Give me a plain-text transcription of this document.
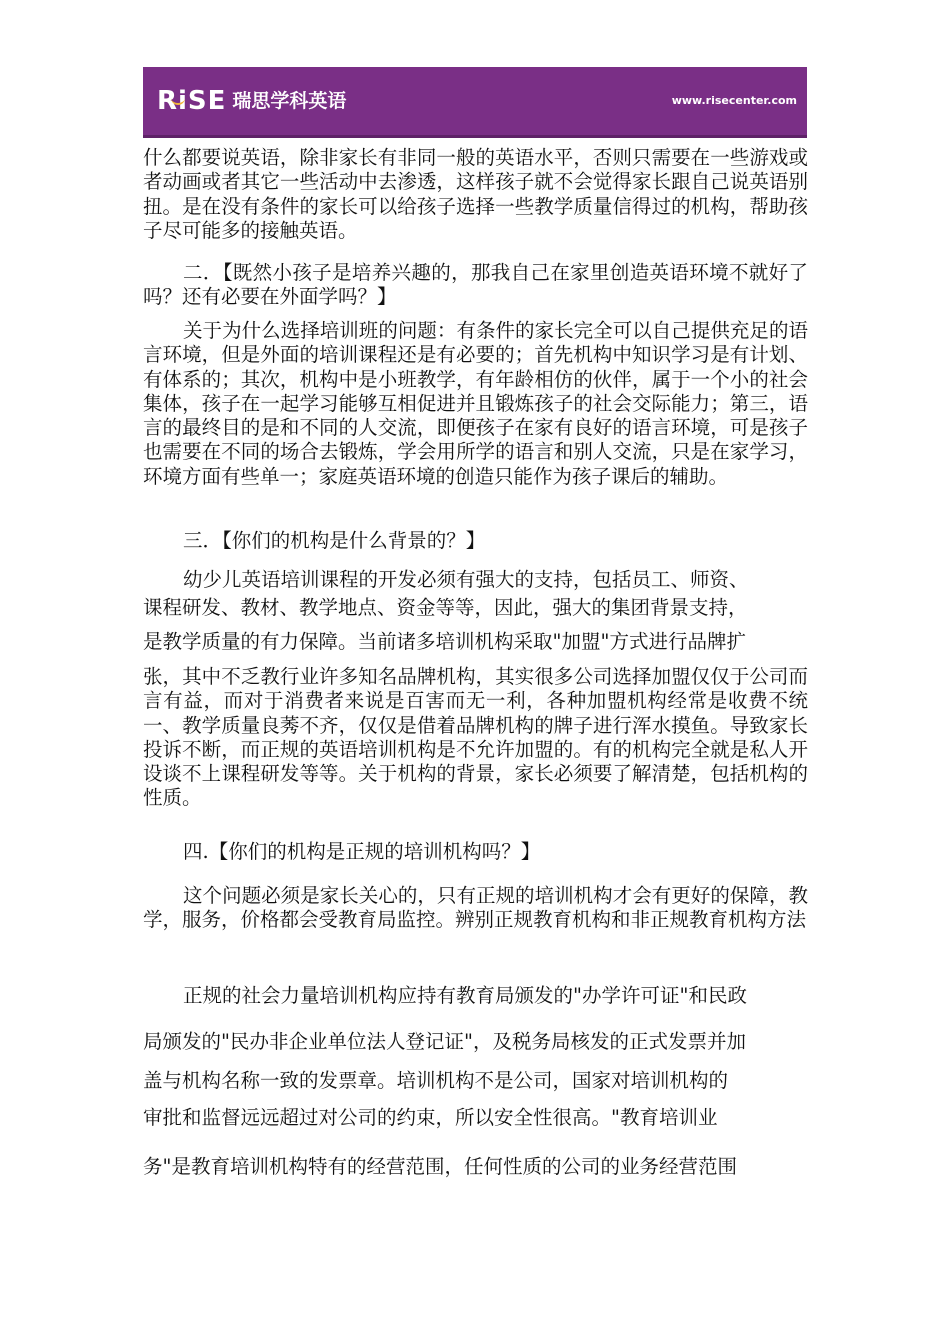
RiSE 瑞思学科英语	www.risecenter.com

什么都要说英语，除非家长有非同一般的英语水平，否则只需要在一些游戏或者动画或者其它一些活动中去渗透，这样孩子就不会觉得家长跟自己说英语别扭。是在没有条件的家长可以给孩子选择一些教学质量信得过的机构，帮助孩子尽可能多的接触英语。

二．【既然小孩子是培养兴趣的，那我自己在家里创造英语环境不就好了吗？还有必要在外面学吗？】

关于为什么选择培训班的问题：有条件的家长完全可以自己提供充足的语言环境，但是外面的培训课程还是有必要的；首先机构中知识学习是有计划、有体系的；其次，机构中是小班教学，有年龄相仿的伙伴，属于一个小的社会集体，孩子在一起学习能够互相促进并且锻炼孩子的社会交际能力；第三，语言的最终目的是和不同的人交流，即便孩子在家有良好的语言环境，可是孩子也需要在不同的场合去锻炼，学会用所学的语言和别人交流，只是在家学习，环境方面有些单一；家庭英语环境的创造只能作为孩子课后的辅助。

三．【你们的机构是什么背景的？】

幼少儿英语培训课程的开发必须有强大的支持，包括员工、师资、

课程研发、教材、教学地点、资金等等，因此，强大的集团背景支持，

是教学质量的有力保障。当前诸多培训机构采取"加盟"方式进行品牌扩

张，其中不乏教行业许多知名品牌机构，其实很多公司选择加盟仅仅于公司而言有益，而对于消费者来说是百害而无一利，各种加盟机构经常是收费不统一、教学质量良莠不齐，仅仅是借着品牌机构的牌子进行浑水摸鱼。导致家长投诉不断，而正规的英语培训机构是不允许加盟的。有的机构完全就是私人开设谈不上课程研发等等。关于机构的背景，家长必须要了解清楚，包括机构的性质。

四.【你们的机构是正规的培训机构吗？】

这个问题必须是家长关心的，只有正规的培训机构才会有更好的保障，教学，服务，价格都会受教育局监控。辨别正规教育机构和非正规教育机构方法

正规的社会力量培训机构应持有教育局颁发的"办学许可证"和民政

局颁发的"民办非企业单位法人登记证"，及税务局核发的正式发票并加

盖与机构名称一致的发票章。培训机构不是公司，国家对培训机构的

审批和监督远远超过对公司的约束，所以安全性很高。"教育培训业

务"是教育培训机构特有的经营范围，任何性质的公司的业务经营范围
